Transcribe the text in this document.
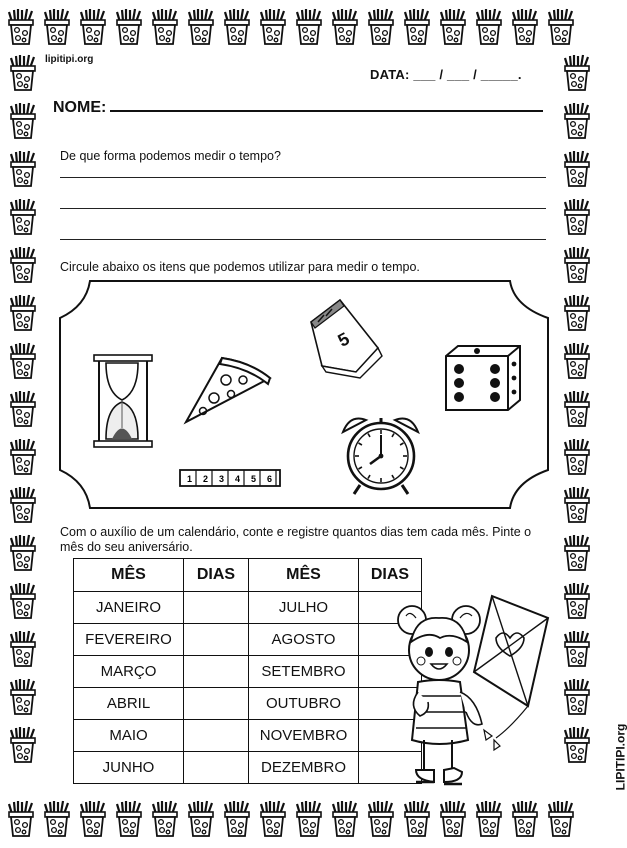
lipitipi.org
DATA: ___ / ___ / _____.
NOME:
De que forma podemos medir o tempo?
Circule abaixo os itens que podemos utilizar para medir o tempo.
5
1 2 3 4 5 6
Com o auxílio de um calendário, conte e registre quantos dias tem cada mês. Pinte o mês do seu aniversário.
MÊS	DIAS	MÊS	DIAS
JANEIRO		JULHO	
FEVEREIRO		AGOSTO	
MARÇO		SETEMBRO	
ABRIL		OUTUBRO	
MAIO		NOVEMBRO	
JUNHO		DEZEMBRO		LIPITIPI.org
